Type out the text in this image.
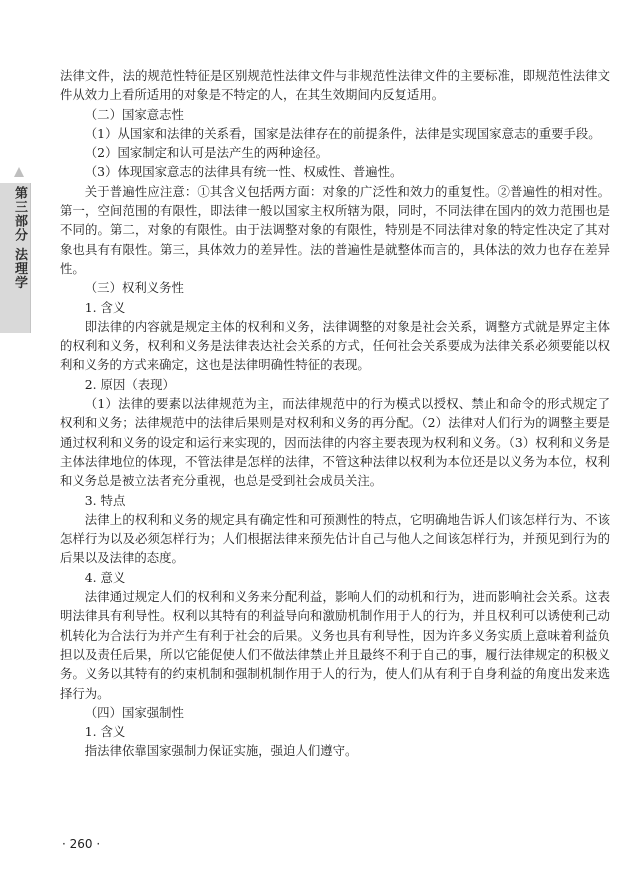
第三部分 法理学

法律文件，法的规范性特征是区别规范性法律文件与非规范性法律文件的主要标准，即规范性法律文件从效力上看所适用的对象是不特定的人，在其生效期间内反复适用。

（二）国家意志性

（1）从国家和法律的关系看，国家是法律存在的前提条件，法律是实现国家意志的重要手段。

（2）国家制定和认可是法产生的两种途径。

（3）体现国家意志的法律具有统一性、权威性、普遍性。

关于普遍性应注意：①其含义包括两方面：对象的广泛性和效力的重复性。②普遍性的相对性。第一，空间范围的有限性，即法律一般以国家主权所辖为限，同时，不同法律在国内的效力范围也是不同的。第二，对象的有限性。由于法调整对象的有限性，特别是不同法律对象的特定性决定了其对象也具有有限性。第三，具体效力的差异性。法的普遍性是就整体而言的，具体法的效力也存在差异性。

（三）权利义务性

1. 含义

即法律的内容就是规定主体的权利和义务，法律调整的对象是社会关系，调整方式就是界定主体的权利和义务，权利和义务是法律表达社会关系的方式，任何社会关系要成为法律关系必须要能以权利和义务的方式来确定，这也是法律明确性特征的表现。

2. 原因（表现）

（1）法律的要素以法律规范为主，而法律规范中的行为模式以授权、禁止和命令的形式规定了权利和义务；法律规范中的法律后果则是对权利和义务的再分配。（2）法律对人们行为的调整主要是通过权利和义务的设定和运行来实现的，因而法律的内容主要表现为权利和义务。（3）权利和义务是主体法律地位的体现，不管法律是怎样的法律，不管这种法律以权利为本位还是以义务为本位，权利和义务总是被立法者充分重视，也总是受到社会成员关注。

3. 特点

法律上的权利和义务的规定具有确定性和可预测性的特点，它明确地告诉人们该怎样行为、不该怎样行为以及必须怎样行为；人们根据法律来预先估计自己与他人之间该怎样行为，并预见到行为的后果以及法律的态度。

4. 意义

法律通过规定人们的权利和义务来分配利益，影响人们的动机和行为，进而影响社会关系。这表明法律具有利导性。权利以其特有的利益导向和激励机制作用于人的行为，并且权利可以诱使利己动机转化为合法行为并产生有利于社会的后果。义务也具有利导性，因为许多义务实质上意味着利益负担以及责任后果，所以它能促使人们不做法律禁止并且最终不利于自己的事，履行法律规定的积极义务。义务以其特有的约束机制和强制机制作用于人的行为，使人们从有利于自身利益的角度出发来选择行为。

（四）国家强制性

1. 含义

指法律依靠国家强制力保证实施，强迫人们遵守。

· 260 ·
